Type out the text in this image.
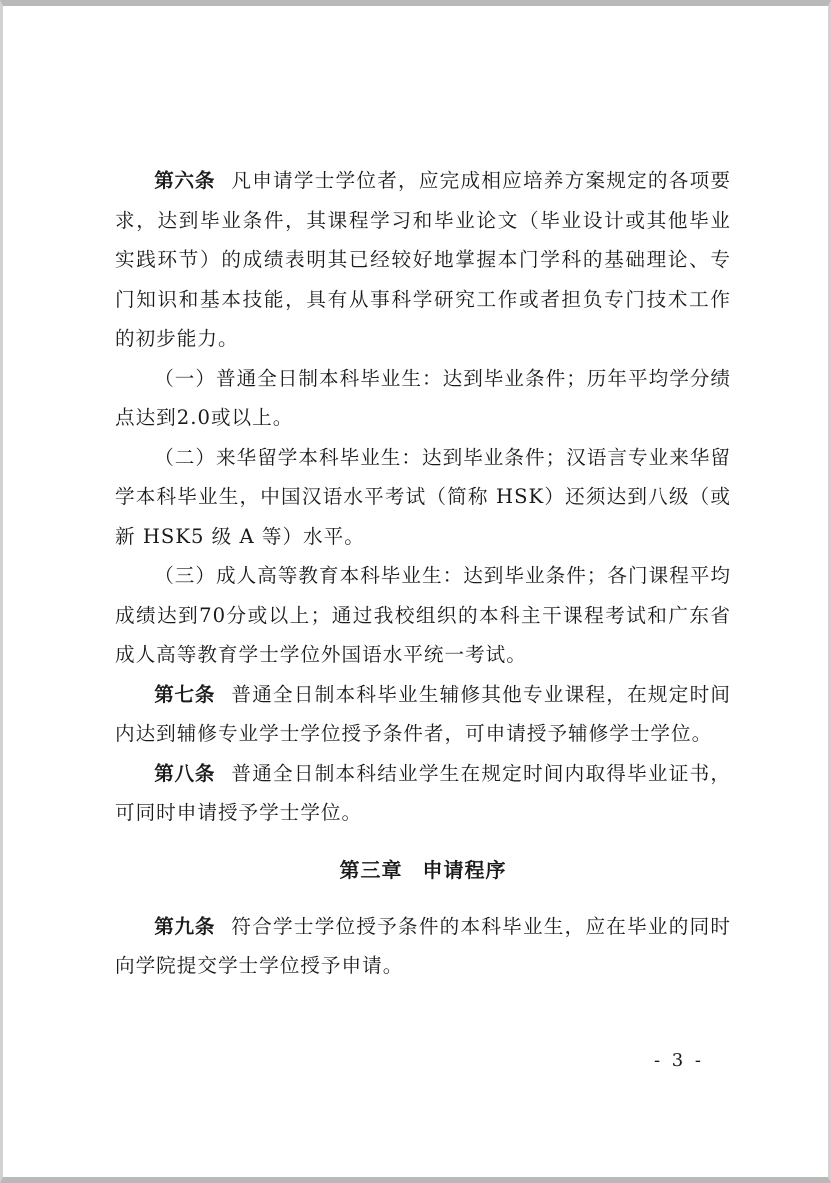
第六条 凡申请学士学位者，应完成相应培养方案规定的各项要求，达到毕业条件，其课程学习和毕业论文（毕业设计或其他毕业实践环节）的成绩表明其已经较好地掌握本门学科的基础理论、专门知识和基本技能，具有从事科学研究工作或者担负专门技术工作的初步能力。

（一）普通全日制本科毕业生：达到毕业条件；历年平均学分绩点达到2.0或以上。

（二）来华留学本科毕业生：达到毕业条件；汉语言专业来华留学本科毕业生，中国汉语水平考试（简称 HSK）还须达到八级（或新 HSK5 级 A 等）水平。

（三）成人高等教育本科毕业生：达到毕业条件；各门课程平均成绩达到70分或以上；通过我校组织的本科主干课程考试和广东省成人高等教育学士学位外国语水平统一考试。

第七条 普通全日制本科毕业生辅修其他专业课程，在规定时间内达到辅修专业学士学位授予条件者，可申请授予辅修学士学位。

第八条 普通全日制本科结业学生在规定时间内取得毕业证书，可同时申请授予学士学位。

第三章 申请程序

第九条 符合学士学位授予条件的本科毕业生，应在毕业的同时向学院提交学士学位授予申请。

- 3 -
